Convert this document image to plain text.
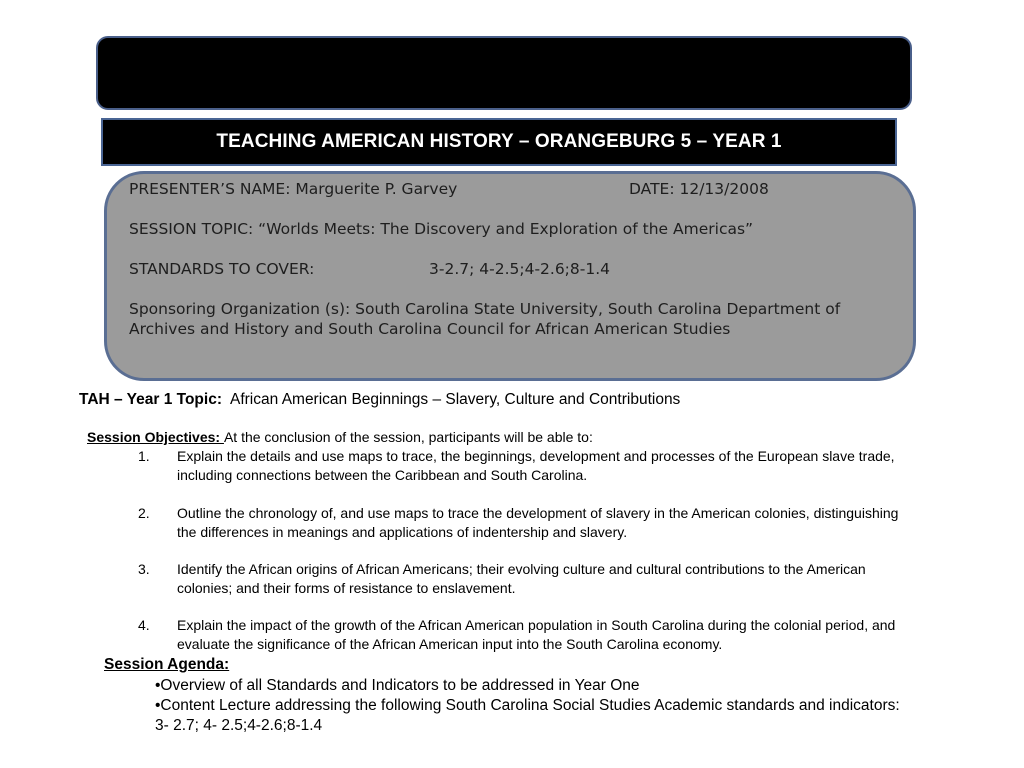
TEACHING AMERICAN HISTORY – ORANGEBURG 5 – YEAR 1
PRESENTER’S NAME: Marguerite P. Garvey	DATE: 12/13/2008
SESSION TOPIC: “Worlds Meets: The Discovery and Exploration of the Americas”
STANDARDS TO COVER:	3-2.7; 4-2.5;4-2.6;8-1.4
Sponsoring Organization (s): South Carolina State University, South Carolina Department of Archives and History and South Carolina Council for African American Studies
TAH – Year 1 Topic: African American Beginnings – Slavery, Culture and Contributions
Session Objectives: At the conclusion of the session, participants will be able to:
1. Explain the details and use maps to trace, the beginnings, development and processes of the European slave trade, including connections between the Caribbean and South Carolina.
2. Outline the chronology of, and use maps to trace the development of slavery in the American colonies, distinguishing the differences in meanings and applications of indentership and slavery.
3. Identify the African origins of African Americans; their evolving culture and cultural contributions to the American colonies; and their forms of resistance to enslavement.
4. Explain the impact of the growth of the African American population in South Carolina during the colonial period, and evaluate the significance of the African American input into the South Carolina economy.
Session Agenda:
•Overview of all Standards and Indicators to be addressed in Year One
•Content Lecture addressing the following South Carolina Social Studies Academic standards and indicators: 3- 2.7; 4- 2.5;4-2.6;8-1.4
